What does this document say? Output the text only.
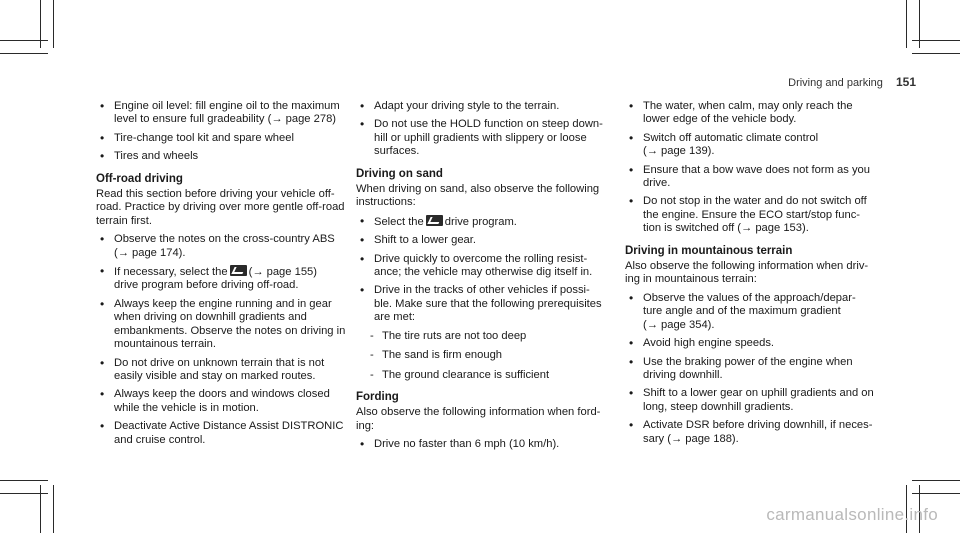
Driving and parking 151
• Engine oil level: fill engine oil to the maximum
level to ensure full gradeability (→ page 278)
• Tire-change tool kit and spare wheel
• Tires and wheels
Off-road driving
Read this section before driving your vehicle off-
road. Practice by driving over more gentle off-road
terrain first.
• Observe the notes on the cross-country ABS
(→ page 174).
• If necessary, select the (→ page 155)
drive program before driving off-road.
• Always keep the engine running and in gear
when driving on downhill gradients and
embankments. Observe the notes on driving in
mountainous terrain.
• Do not drive on unknown terrain that is not
easily visible and stay on marked routes.
• Always keep the doors and windows closed
while the vehicle is in motion.
• Deactivate Active Distance Assist DISTRONIC
and cruise control.
• Adapt your driving style to the terrain.
• Do not use the HOLD function on steep down-
hill or uphill gradients with slippery or loose
surfaces.
Driving on sand
When driving on sand, also observe the following
instructions:
• Select the drive program.
• Shift to a lower gear.
• Drive quickly to overcome the rolling resist-
ance; the vehicle may otherwise dig itself in.
• Drive in the tracks of other vehicles if possi-
ble. Make sure that the following prerequisites
are met:
- The tire ruts are not too deep
- The sand is firm enough
- The ground clearance is sufficient
Fording
Also observe the following information when ford-
ing:
• Drive no faster than 6 mph (10 km/h).
• The water, when calm, may only reach the
lower edge of the vehicle body.
• Switch off automatic climate control
(→ page 139).
• Ensure that a bow wave does not form as you
drive.
• Do not stop in the water and do not switch off
the engine. Ensure the ECO start/stop func-
tion is switched off (→ page 153).
Driving in mountainous terrain
Also observe the following information when driv-
ing in mountainous terrain:
• Observe the values of the approach/depar-
ture angle and of the maximum gradient
(→ page 354).
• Avoid high engine speeds.
• Use the braking power of the engine when
driving downhill.
• Shift to a lower gear on uphill gradients and on
long, steep downhill gradients.
• Activate DSR before driving downhill, if neces-
sary (→ page 188).
carmanualsonline.info
